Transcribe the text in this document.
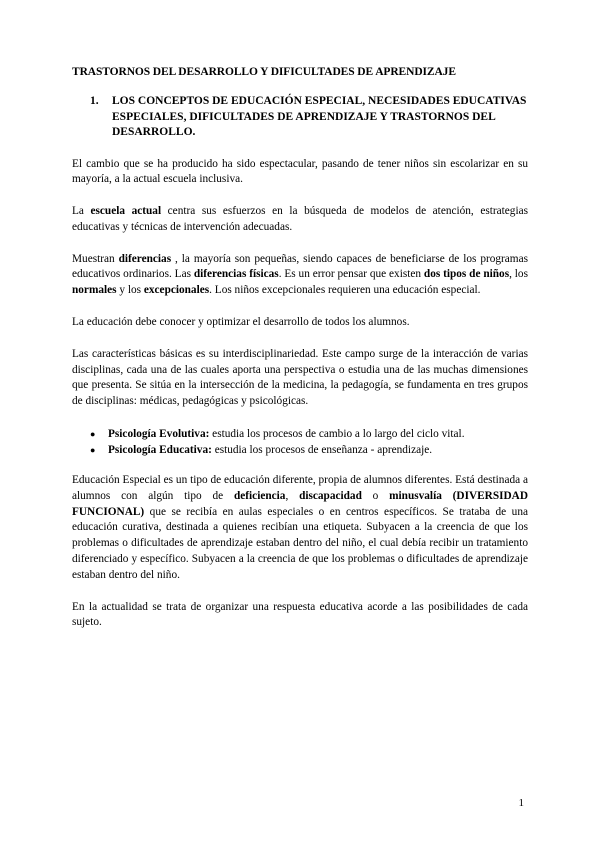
TRASTORNOS DEL DESARROLLO Y DIFICULTADES DE APRENDIZAJE
1.	LOS CONCEPTOS DE EDUCACIÓN ESPECIAL, NECESIDADES EDUCATIVAS ESPECIALES, DIFICULTADES DE APRENDIZAJE Y TRASTORNOS DEL DESARROLLO.

El cambio que se ha producido ha sido espectacular, pasando de tener niños sin escolarizar en su mayoría, a la actual escuela inclusiva.

La escuela actual centra sus esfuerzos en la búsqueda de modelos de atención, estrategias educativas y técnicas de intervención adecuadas.

Muestran diferencias , la mayoría son pequeñas, siendo capaces de beneficiarse de los programas educativos ordinarios. Las diferencias físicas. Es un error pensar que existen dos tipos de niños, los normales y los excepcionales. Los niños excepcionales requieren una educación especial.

La educación debe conocer y optimizar el desarrollo de todos los alumnos.

Las características básicas es su interdisciplinariedad. Este campo surge de la interacción de varias disciplinas, cada una de las cuales aporta una perspectiva o estudia una de las muchas dimensiones que presenta. Se sitúa en la intersección de la medicina, la pedagogía, se fundamenta en tres grupos de disciplinas: médicas, pedagógicas y psicológicas.

●	Psicología Evolutiva: estudia los procesos de cambio a lo largo del ciclo vital.
●	Psicología Educativa: estudia los procesos de enseñanza - aprendizaje.

Educación Especial es un tipo de educación diferente, propia de alumnos diferentes. Está destinada a alumnos con algún tipo de deficiencia, discapacidad o minusvalía (DIVERSIDAD FUNCIONAL) que se recibía en aulas especiales o en centros específicos. Se trataba de una educación curativa, destinada a quienes recibían una etiqueta. Subyacen a la creencia de que los problemas o dificultades de aprendizaje estaban dentro del niño, el cual debía recibir un tratamiento diferenciado y específico. Subyacen a la creencia de que los problemas o dificultades de aprendizaje estaban dentro del niño.

En la actualidad se trata de organizar una respuesta educativa acorde a las posibilidades de cada sujeto.

1
